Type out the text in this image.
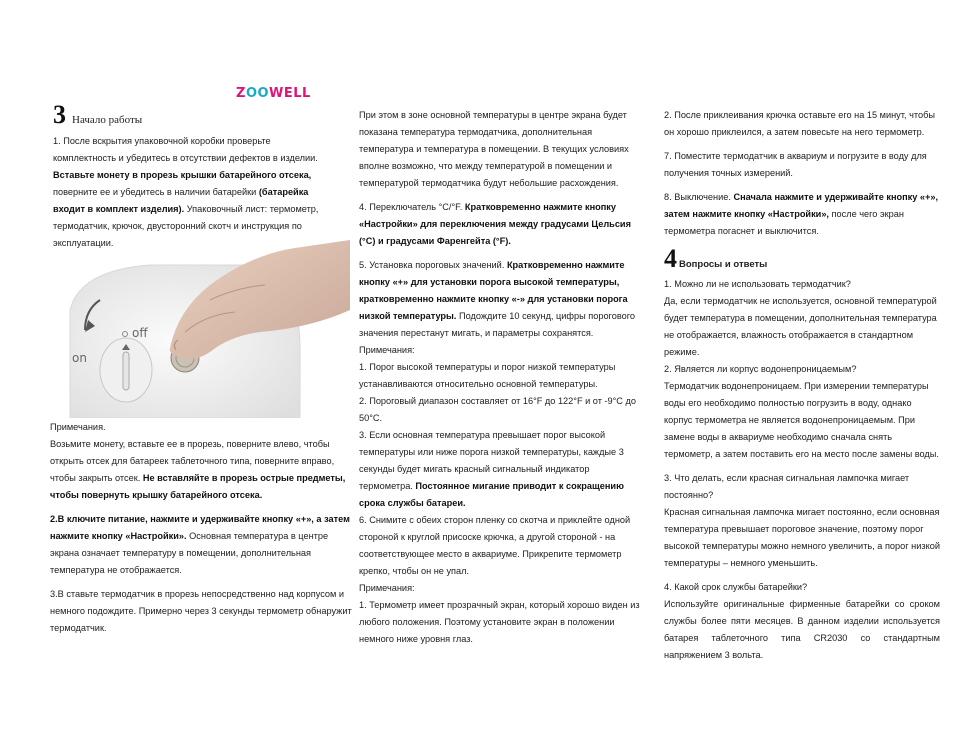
ZOOWELL
3 Начало работы

1. После вскрытия упаковочной коробки проверьте комплектность и убедитесь в отсутствии дефектов в изделии. Вставьте монету в прорезь крышки батарейного отсека, поверните ее и убедитесь в наличии батарейки (батарейка входит в комплект изделия). Упаковочный лист: термометр, термодатчик, крючок, двусторонний скотч и инструкция по эксплуатации.

on
off

Примечания.

Возьмите монету, вставьте ее в прорезь, поверните влево, чтобы открыть отсек для батареек таблеточного типа, поверните вправо, чтобы закрыть отсек. Не вставляйте в прорезь острые предметы, чтобы повернуть крышку батарейного отсека.

2.В ключите питание, нажмите и удерживайте кнопку «+», а затем нажмите кнопку «Настройки». Основная температура в центре экрана означает температуру в помещении, дополнительная температура не отображается.

3.В ставьте термодатчик в прорезь непосредственно над корпусом и немного подождите. Примерно через 3 секунды термометр обнаружит термодатчик.

При этом в зоне основной температуры в центре экрана будет показана температура термодатчика, дополнительная температура и температура в помещении. В текущих условиях вполне возможно, что между температурой в помещении и температурой термодатчика будут небольшие расхождения.

4. Переключатель °C/°F. Кратковременно нажмите кнопку «Настройки» для переключения между градусами Цельсия (°C) и градусами Фаренгейта (°F).

5. Установка пороговых значений. Кратковременно нажмите кнопку «+» для установки порога высокой температуры, кратковременно нажмите кнопку «-» для установки порога низкой температуры. Подождите 10 секунд, цифры порогового значения перестанут мигать, и параметры сохранятся.

Примечания:

1. Порог высокой температуры и порог низкой температуры устанавливаются относительно основной температуры.

2. Пороговый диапазон составляет от 16°F до 122°F и от -9°C до 50°C.

3. Если основная температура превышает порог высокой температуры или ниже порога низкой температуры, каждые 3 секунды будет мигать красный сигнальный индикатор термометра. Постоянное мигание приводит к сокращению срока службы батареи.

6. Снимите с обеих сторон пленку со скотча и приклейте одной стороной к круглой присоске крючка, а другой стороной - на соответствующее место в аквариуме. Прикрепите термометр крепко, чтобы он не упал.

Примечания:

1. Термометр имеет прозрачный экран, который хорошо виден из любого положения. Поэтому установите экран в положении немного ниже уровня глаз.

2. После приклеивания крючка оставьте его на 15 минут, чтобы он хорошо приклеился, а затем повесьте на него термометр.

7. Поместите термодатчик в аквариум и погрузите в воду для получения точных измерений.

8. Выключение. Сначала нажмите и удерживайте кнопку «+», затем нажмите кнопку «Настройки», после чего экран термометра погаснет и выключится.

4 Вопросы и ответы

1. Можно ли не использовать термодатчик?

Да, если термодатчик не используется, основной температурой будет температура в помещении, дополнительная температура не отображается, влажность отображается в стандартном режиме.

2. Является ли корпус водонепроницаемым?

Термодатчик водонепроницаем. При измерении температуры воды его необходимо полностью погрузить в воду, однако корпус термометра не является водонепроницаемым. При замене воды в аквариуме необходимо сначала снять термометр, а затем поставить его на место после замены воды.

3. Что делать, если красная сигнальная лампочка мигает постоянно?

Красная сигнальная лампочка мигает постоянно, если основная температура превышает пороговое значение, поэтому порог высокой температуры можно немного увеличить, а порог низкой температуры – немного уменьшить.

4. Какой срок службы батарейки?

Используйте оригинальные фирменные батарейки со сроком службы более пяти месяцев. В данном изделии используется батарея таблеточного типа CR2030 со стандартным напряжением 3 вольта.
